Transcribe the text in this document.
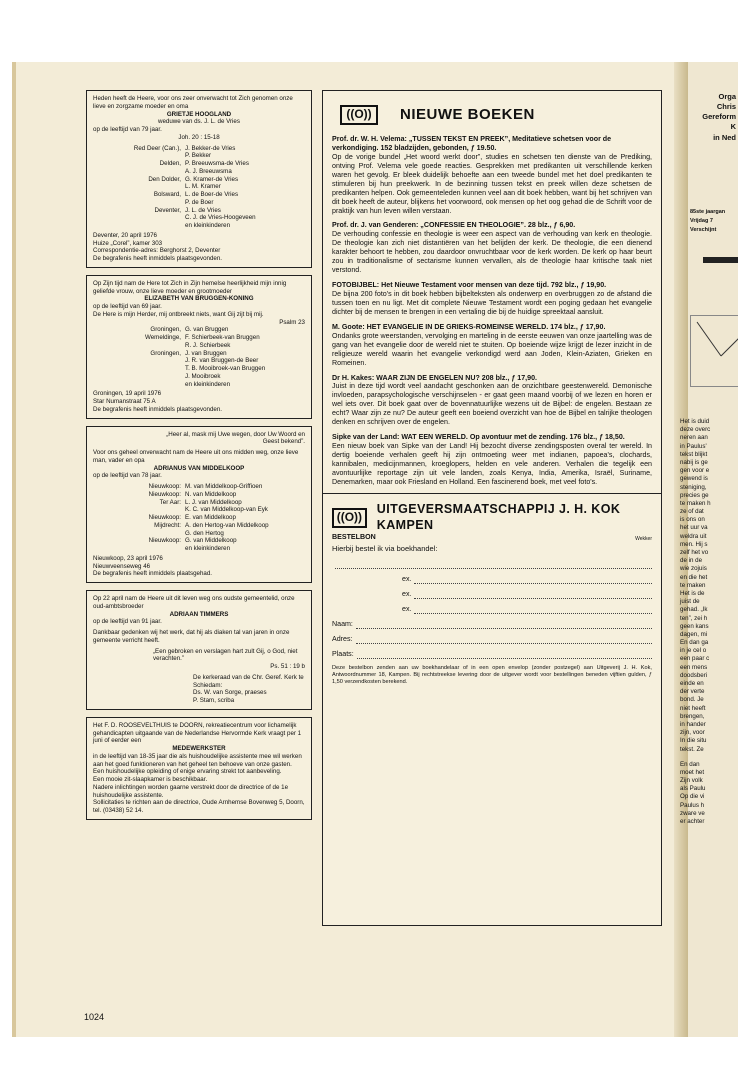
Heden heeft de Heere, voor ons zeer onverwacht tot Zich genomen onze lieve en zorgzame moeder en oma
GRIETJE HOOGLAND
weduwe van ds. J. L. de Vries
op de leeftijd van 79 jaar.
Joh. 20 : 15-18
Red Deer (Can.), J. Bekker-de Vries
P. Bekker
Delden, P. Breeuwsma-de Vries
A. J. Breeuwsma
Den Dolder, G. Kramer-de Vries
L. M. Kramer
Bolsward, L. de Boer-de Vries
P. de Boer
Deventer, J. L. de Vries
C. J. de Vries-Hoogeveen
en kleinkinderen
Deventer, 20 april 1976
Huize „Corel”, kamer 303
Correspondentie-adres: Berghorst 2, Deventer
De begrafenis heeft inmiddels plaatsgevonden.
Op Zijn tijd nam de Here tot Zich in Zijn hemelse heerlijkheid mijn innig geliefde vrouw, onze lieve moeder en grootmoeder
ELIZABETH VAN BRUGGEN-KONING
op de leeftijd van 69 jaar.
De Here is mijn Herder, mij ontbreekt niets, want Gij zijt bij mij.
Psalm 23
Groningen, G. van Bruggen
Wemeldinge, F. Schierbeek-van Bruggen
R. J. Schierbeek
Groningen, J. van Bruggen
J. R. van Bruggen-de Beer
T. B. Mooibroek-van Bruggen
J. Mooibroek
en kleinkinderen
Groningen, 19 april 1976
Star Numanstraat 75 A
De begrafenis heeft inmiddels plaatsgevonden.
„Heer al, mask mij Uwe wegen, door Uw Woord en Geest bekend”.
Voor ons geheel onverwacht nam de Heere uit ons midden weg, onze lieve man, vader en opa
ADRIANUS VAN MIDDELKOOP
op de leeftijd van 78 jaar.
Nieuwkoop: M. van Middelkoop-Griffioen
Nieuwkoop: N. van Middelkoop
Ter Aar: L. J. van Middelkoop
K. C. van Middelkoop-van Eyk
Nieuwkoop: E. van Middelkoop
Mijdrecht: A. den Hertog-van Middelkoop
G. den Hertog
Nieuwkoop: G. van Middelkoop
en kleinkinderen
Nieuwkoop, 23 april 1976
Nieuwveenseweg 46
De begrafenis heeft inmiddels plaatsgehad.
Op 22 april nam de Heere uit dit leven weg ons oudste gemeentelid, onze oud-ambtsbroeder
ADRIAAN TIMMERS
op de leeftijd van 91 jaar.
Dankbaar gedenken wij het werk, dat hij als diaken tal van jaren in onze gemeente verricht heeft.
„Een gebroken en verslagen hart zult Gij, o God, niet verachten.”
Ps. 51 : 19 b
De kerkeraad van de Chr. Geref. Kerk te Schiedam:
Ds. W. van Sorge, praeses
P. Stam, scriba
Het F. D. ROOSEVELTHUIS te DOORN, rekreatiecentrum voor lichamelijk gehandicapten uitgaande van de Nederlandse Hervormde Kerk vraagt per 1 juni of eerder een
MEDEWERKSTER
in de leeftijd van 18-35 jaar die als huishoudelijke assistente mee wil werken aan het goed funktioneren van het geheel ten behoeve van onze gasten.
Een huishoudelijke opleiding of enige ervaring strekt tot aanbeveling.
Een mooie zit-slaapkamer is beschikbaar.
Nadere inlichtingen worden gaarne verstrekt door de directrice of de 1e huishoudelijke assistente.
Sollicitaties te richten aan de directrice, Oude Arnhemse Bovenweg 5, Doorn, tel. (03438) 52 14.
((O))	NIEUWE BOEKEN
Prof. dr. W. H. Velema: „TUSSEN TEKST EN PREEK”, Meditatieve schetsen voor de verkondiging. 152 bladzijden, gebonden, ƒ 19.50.

Op de vorige bundel „Het woord werkt door”, studies en schetsen ten dienste van de Prediking, ontving Prof. Velema vele goede reacties. Gesprekken met predikanten uit verschillende kerken waren het gevolg. Er bleek duidelijk behoefte aan een tweede bundel met het doel predikanten te stimuleren bij hun preekwerk. In de bezinning tussen tekst en preek willen deze schetsen de predikanten helpen. Ook gemeenteleden kunnen veel aan dit boek hebben, want bij het schrijven van dit boek heeft de auteur, blijkens het voorwoord, ook mensen op het oog gehad die de Schrift voor de praktijk van hun leven willen verstaan.

Prof. dr. J. van Genderen: „CONFESSIE EN THEOLOGIE”. 28 blz., ƒ 6,90.

De verhouding confessie en theologie is weer een aspect van de verhouding van kerk en theologie. De theologie kan zich niet distantiëren van het belijden der kerk. De theologie, die een dienend karakter behoort te hebben, zou daardoor onvruchtbaar voor de kerk worden. De kerk op haar beurt zou in traditionalisme of sectarisme kunnen vervallen, als de theologie haar kritische taak niet verstond.

FOTOBIJBEL: Het Nieuwe Testament voor mensen van deze tijd. 792 blz., ƒ 19,90.

De bijna 200 foto's in dit boek hebben bijbelteksten als onderwerp en overbruggen zo de afstand die tussen toen en nu ligt. Met dit complete Nieuwe Testament wordt een poging gedaan het evangelie dichter bij de mensen te brengen in een vertaling die bij de huidige spreektaal aansluit.

M. Goote: HET EVANGELIE IN DE GRIEKS-ROMEINSE WERELD. 174 blz., ƒ 17,90.

Ondanks grote weerstanden, vervolging en marteling in de eerste eeuwen van onze jaartelling was de gang van het evangelie door de wereld niet te stuiten. Op boeiende wijze krijgt de lezer inzicht in de religieuze wereld waarin het evangelie verkondigd werd aan Joden, Klein-Aziaten, Grieken en Romeinen.

Dr H. Kakes: WAAR ZIJN DE ENGELEN NU? 208 blz., ƒ 17,90.

Juist in deze tijd wordt veel aandacht geschonken aan de onzichtbare geestenwereld. Demonische invloeden, parapsychologische verschijnselen - er gaat geen maand voorbij of we lezen en horen er wel iets over. Dit boek gaat over de bovennatuurlijke wezens uit de Bijbel: de engelen. Bestaan ze echt? Waar zijn ze nu? De auteur geeft een boeiend overzicht van hoe de Bijbel en talrijke theologen denken en schrijven over de engelen.

Sipke van der Land: WAT EEN WERELD. Op avontuur met de zending. 176 blz., ƒ 18,50.

Een nieuw boek van Sipke van der Land! Hij bezocht diverse zendingsposten overal ter wereld. In dertig boeiende verhalen geeft hij zijn ontmoeting weer met indianen, papoea's, clochards, kannibalen, medicijnmannen, kroeglopers, helden en vele anderen. Verhalen die tegelijk een avontuurlijke reportage zijn uit vele landen, zoals Kenya, India, Amerika, Israël, Suriname, Denemarken, maar ook Friesland en Holland. Een fascinerend boek, met veel foto's.

((O))
UITGEVERSMAATSCHAPPIJ J. H. KOK KAMPEN
BESTELBON	Wekker
Hierbij bestel ik via boekhandel:
ex.
ex.
ex.
Naam:
Adres:
Plaats:
Deze bestelbon zenden aan uw boekhandelaar of in een open envelop (zonder postzegel) aan Uitgeverij J. H. Kok, Antwoordnummer 18, Kampen. Bij rechtstreekse levering door de uitgever wordt voor bestellingen beneden vijftien gulden, ƒ 1,50 verzendkosten berekend.
1024
Orga
Chris
Gereform
K
in Ned
85ste jaargan
Vrijdag 7
Verschijnt
Het is duid
deze overc
neren aan
in Paulus'
tekst blijkt
nabij is ge
gen voor e
gewend is
steniging,
precies ge
te maken h
ze of dat
is ons on
het uur va
weldra uit
men. Hij s
zelf het vo
de in de
wie zojuis
en die het
te maken
Het is de
juist de
gehad. „Ik
ten”, zei h
geen kans
dagen, mi
En dan ga
in je cel o
een paar c
een mens
doodsberi
einde en
der verte
bond. Je
niet heeft
brengen,
in hander
zijn, voor
In die situ
tekst. Ze
En dan
moet het
Zijn volk
als Paulu
Op die vi
Paulus h
zware ve
er achter
